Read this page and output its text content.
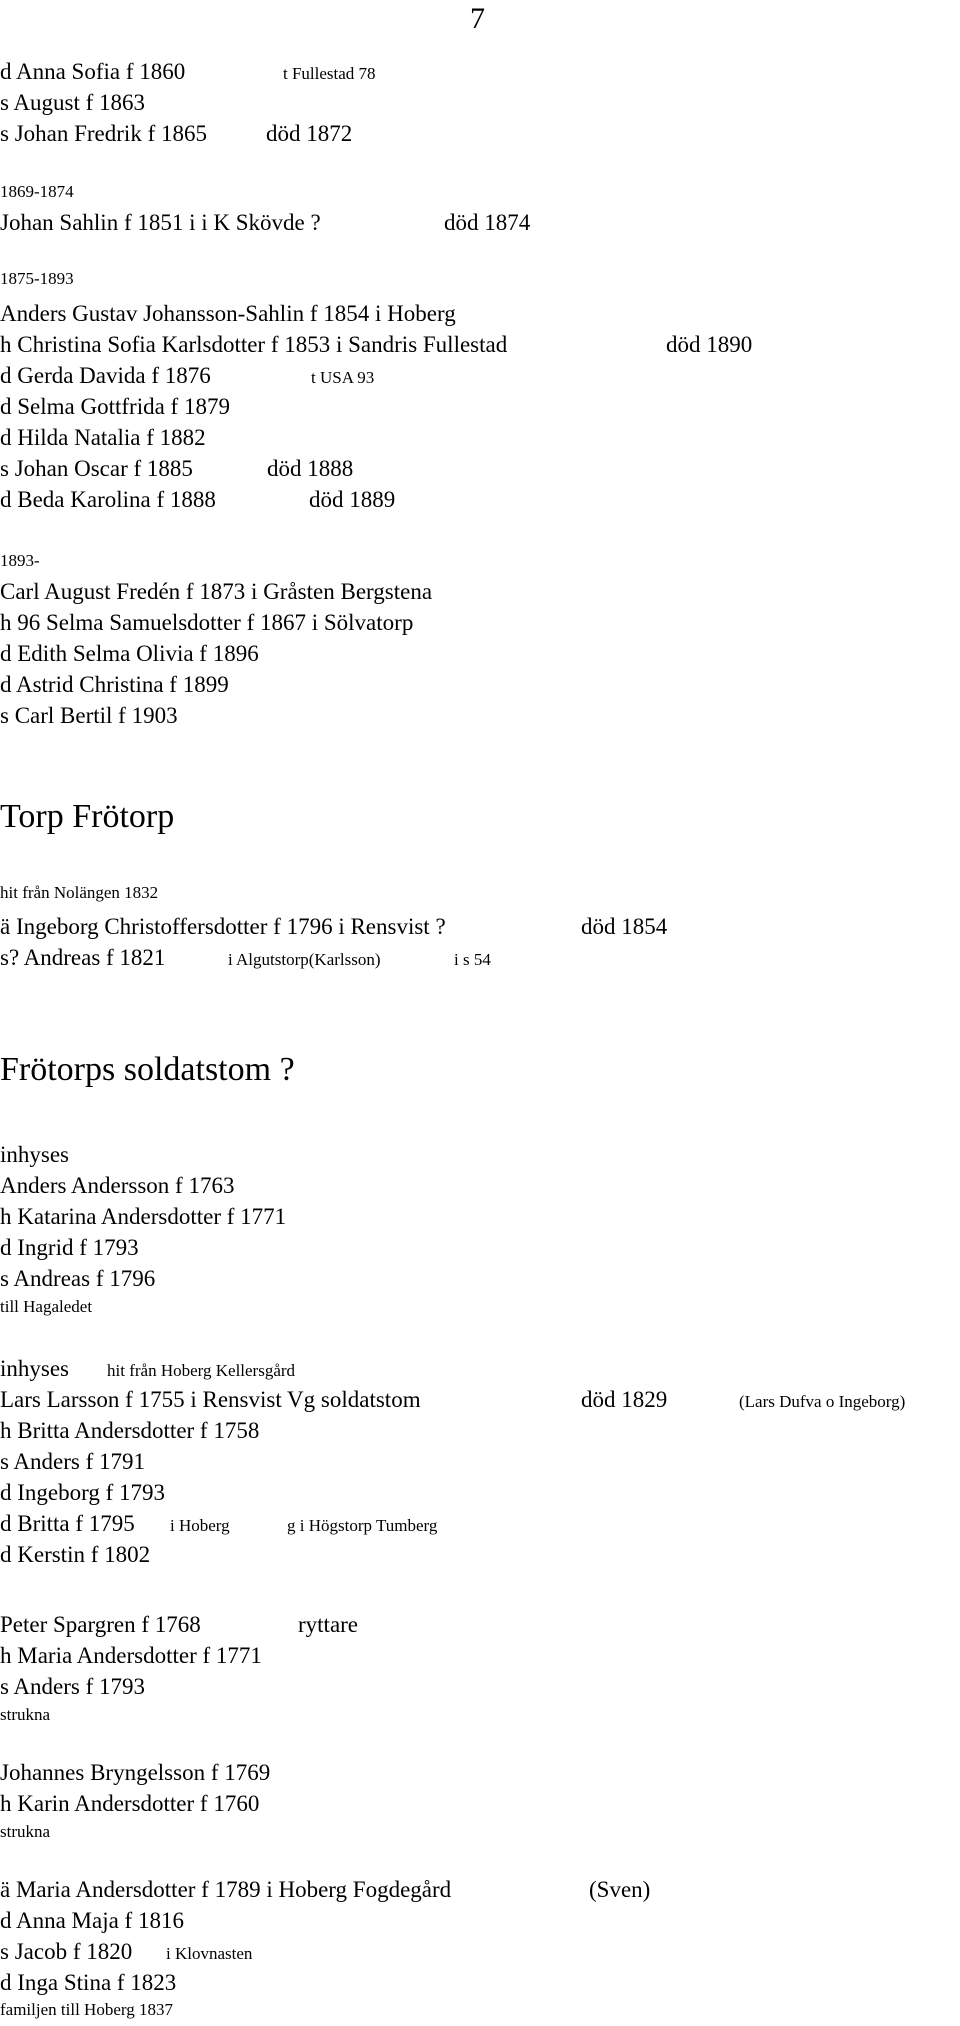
7
d Anna Sofia f 1860	t Fullestad 78
s August f 1863
s Johan Fredrik f 1865	död 1872
1869-1874
Johan Sahlin f 1851 i i K Skövde ?	död 1874
1875-1893
Anders Gustav Johansson-Sahlin f 1854 i Hoberg
h Christina Sofia Karlsdotter f 1853 i Sandris Fullestad	död 1890
d Gerda Davida f 1876	t USA 93
d Selma Gottfrida f 1879
d Hilda Natalia f 1882
s Johan Oscar f 1885	död 1888
d Beda Karolina f 1888	död 1889
1893-
Carl August Fredén f 1873 i Gråsten Bergstena
h 96 Selma Samuelsdotter f 1867 i Sölvatorp
d Edith Selma Olivia f 1896
d Astrid Christina f 1899
s Carl Bertil f 1903
Torp Frötorp
hit från Nolängen 1832
ä Ingeborg Christoffersdotter f 1796 i Rensvist ?	död 1854
s? Andreas f 1821	i Algutstorp(Karlsson)	i s 54
Frötorps soldatstom ?
inhyses
Anders Andersson f 1763
h Katarina Andersdotter f 1771
d Ingrid f 1793
s Andreas f 1796
till Hagaledet
inhyses hit från Hoberg Kellersgård
Lars Larsson f 1755 i Rensvist Vg soldatstom	död 1829	(Lars Dufva o Ingeborg)
h Britta Andersdotter f 1758
s Anders f 1791
d Ingeborg f 1793
d Britta f 1795 i Hoberg	g i Högstorp Tumberg
d Kerstin f 1802
Peter Spargren f 1768	ryttare
h Maria Andersdotter f 1771
s Anders f 1793
strukna
Johannes Bryngelsson f 1769
h Karin Andersdotter f 1760
strukna
ä Maria Andersdotter f 1789 i Hoberg Fogdegård	(Sven)
d Anna Maja f 1816
s Jacob f 1820 i Klovnasten
d Inga Stina f 1823
familjen till Hoberg 1837
